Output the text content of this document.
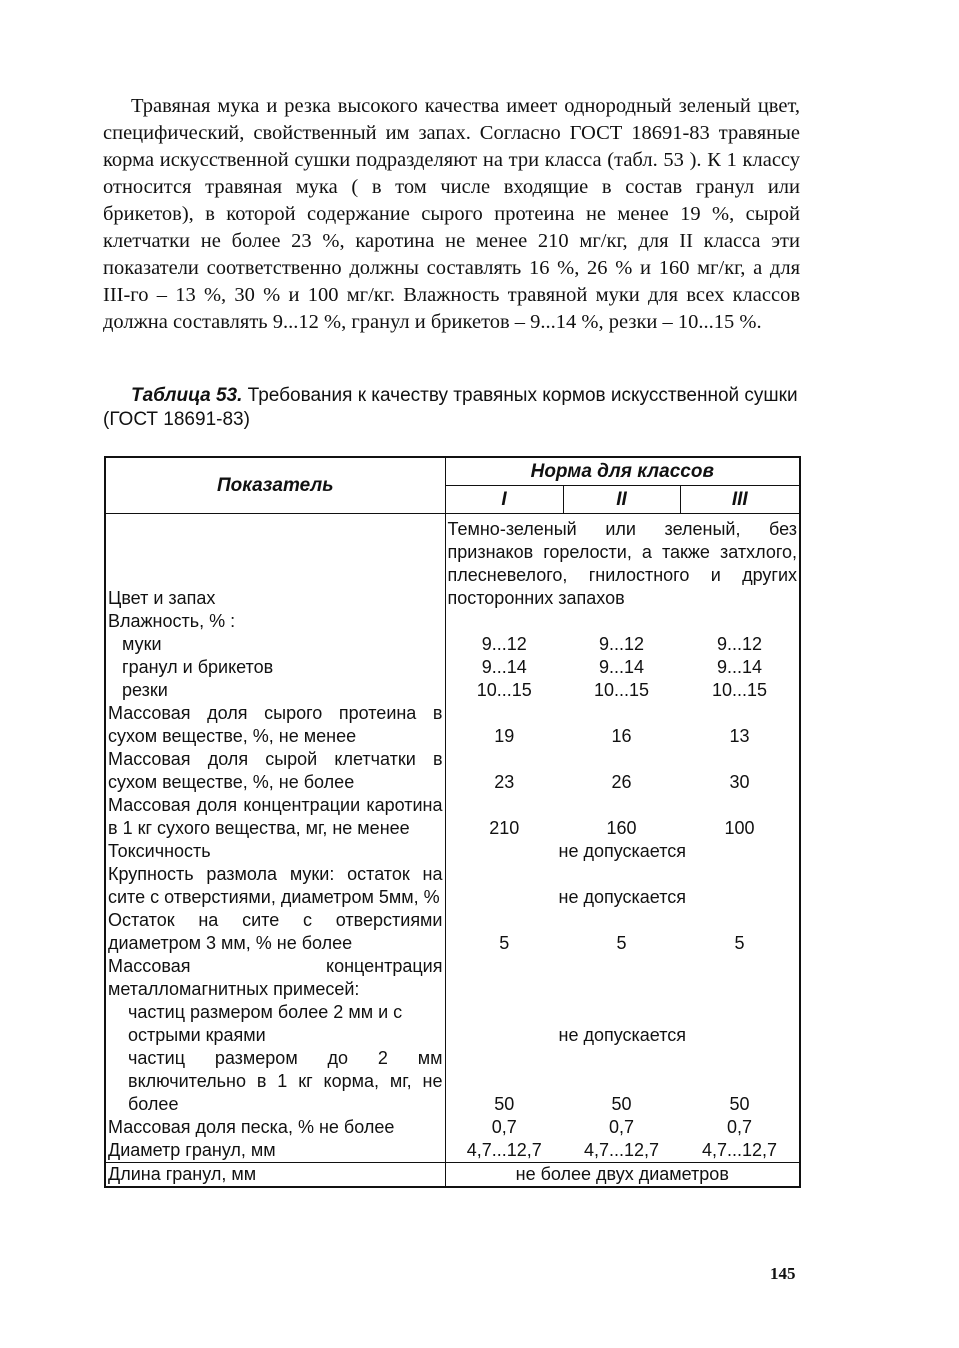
Травяная мука и резка высокого качества имеет однородный зеленый цвет, специфический, свойственный им запах. Согласно ГОСТ 18691-83 травяные корма искусственной сушки подразделяют на три класса (табл. 53 ). К 1 классу относится травяная мука ( в том числе входящие в состав гранул или брикетов), в которой содержание сырого протеина не менее 19 %, сырой клетчатки не более 23 %, каротина не менее 210 мг/кг, для II класса эти показатели соответственно должны составлять 16 %, 26 % и 160 мг/кг, а для III-го – 13 %, 30 % и 100 мг/кг. Влажность травяной муки для всех классов должна составлять 9...12 %, гранул и брикетов – 9...14 %, резки – 10...15 %.

Таблица 53. Требования к качеству травяных кормов искусственной сушки (ГОСТ 18691-83)

Показатель	Норма для классов		
	I	II	III
Цвет и запах	Темно-зеленый или зеленый, без признаков горелости, а также затхлого, плесневелого, гнилостного и других посторонних запахов		
Влажность, % :			
муки	9...12	9...12	9...12
гранул и брикетов	9...14	9...14	9...14
резки	10...15	10...15	10...15
Массовая доля сырого протеина в сухом веществе, %, не менее	19	16	13
Массовая доля сырой клетчатки в сухом веществе, %, не более	23	26	30
Массовая доля концентрации каротина в 1 кг сухого вещества, мг, не менее	210	160	100
Токсичность	не допускается		
Крупность размола муки: остаток на сите с отверстиями, диаметром 5мм, %	не допускается		
Остаток на сите с отверстиями диаметром 3 мм, % не более	5	5	5
Массовая концентрация металломагнитных примесей:			
частиц размером более 2 мм и с острыми краями	не допускается		
частиц размером до 2 мм включительно в 1 кг корма, мг, не более	50	50	50
Массовая доля песка, % не более	0,7	0,7	0,7
Диаметр гранул, мм	4,7...12,7	4,7...12,7	4,7...12,7
Длина гранул, мм	не более двух диаметров		
145
